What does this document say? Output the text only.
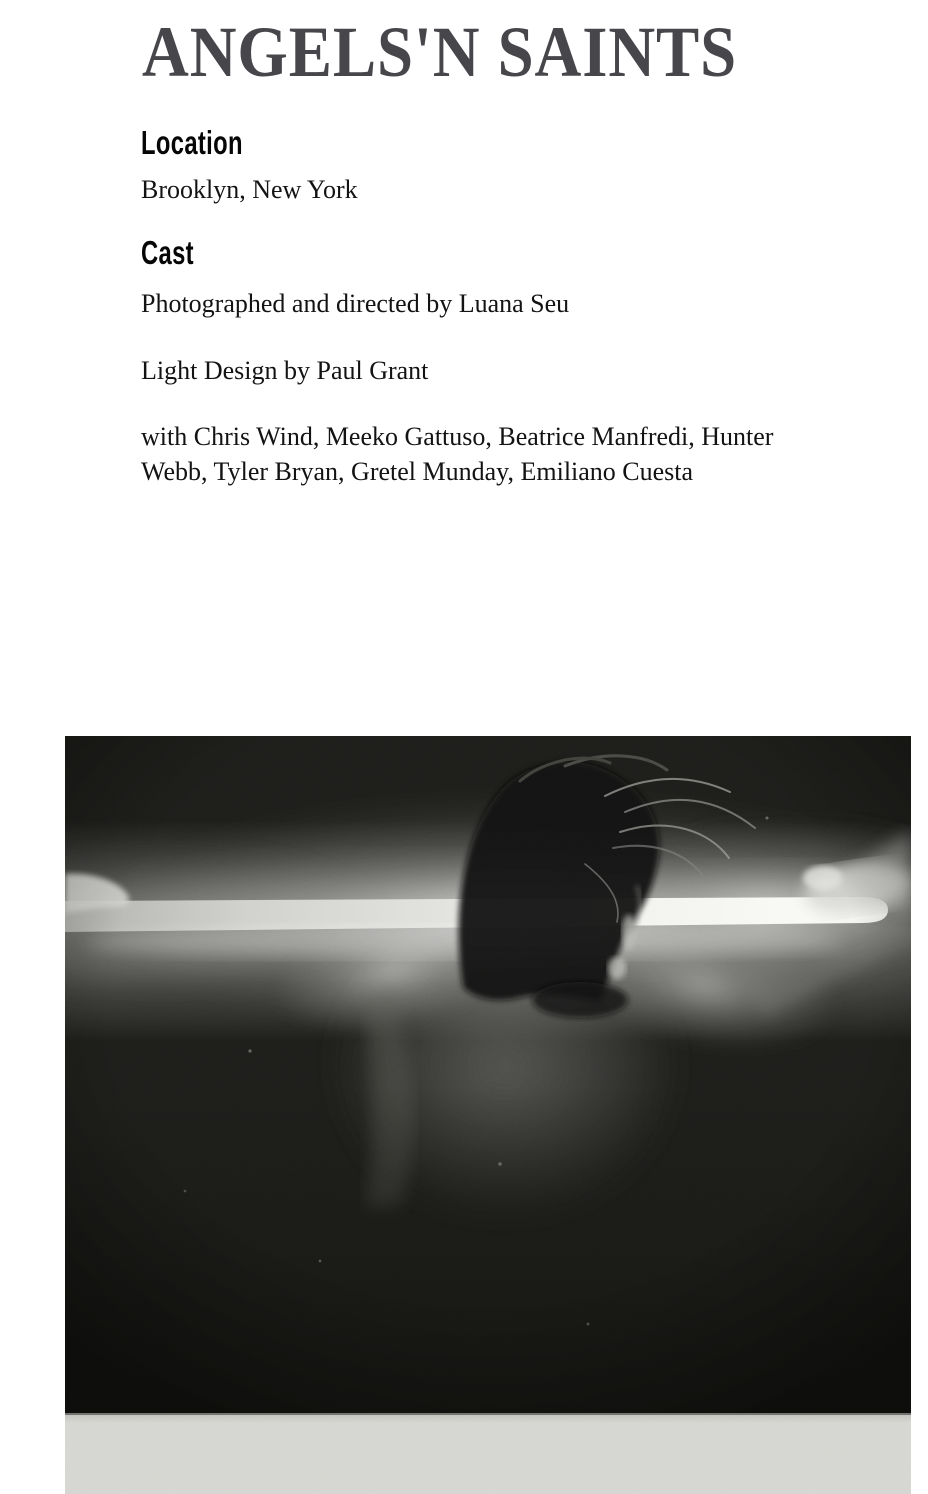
ANGELS'N SAINTS
Location

Brooklyn, New York

Cast

Photographed and directed by Luana Seu

Light Design by Paul Grant

with Chris Wind, Meeko Gattuso, Beatrice Manfredi, Hunter Webb, Tyler Bryan, Gretel Munday, Emiliano Cuesta
